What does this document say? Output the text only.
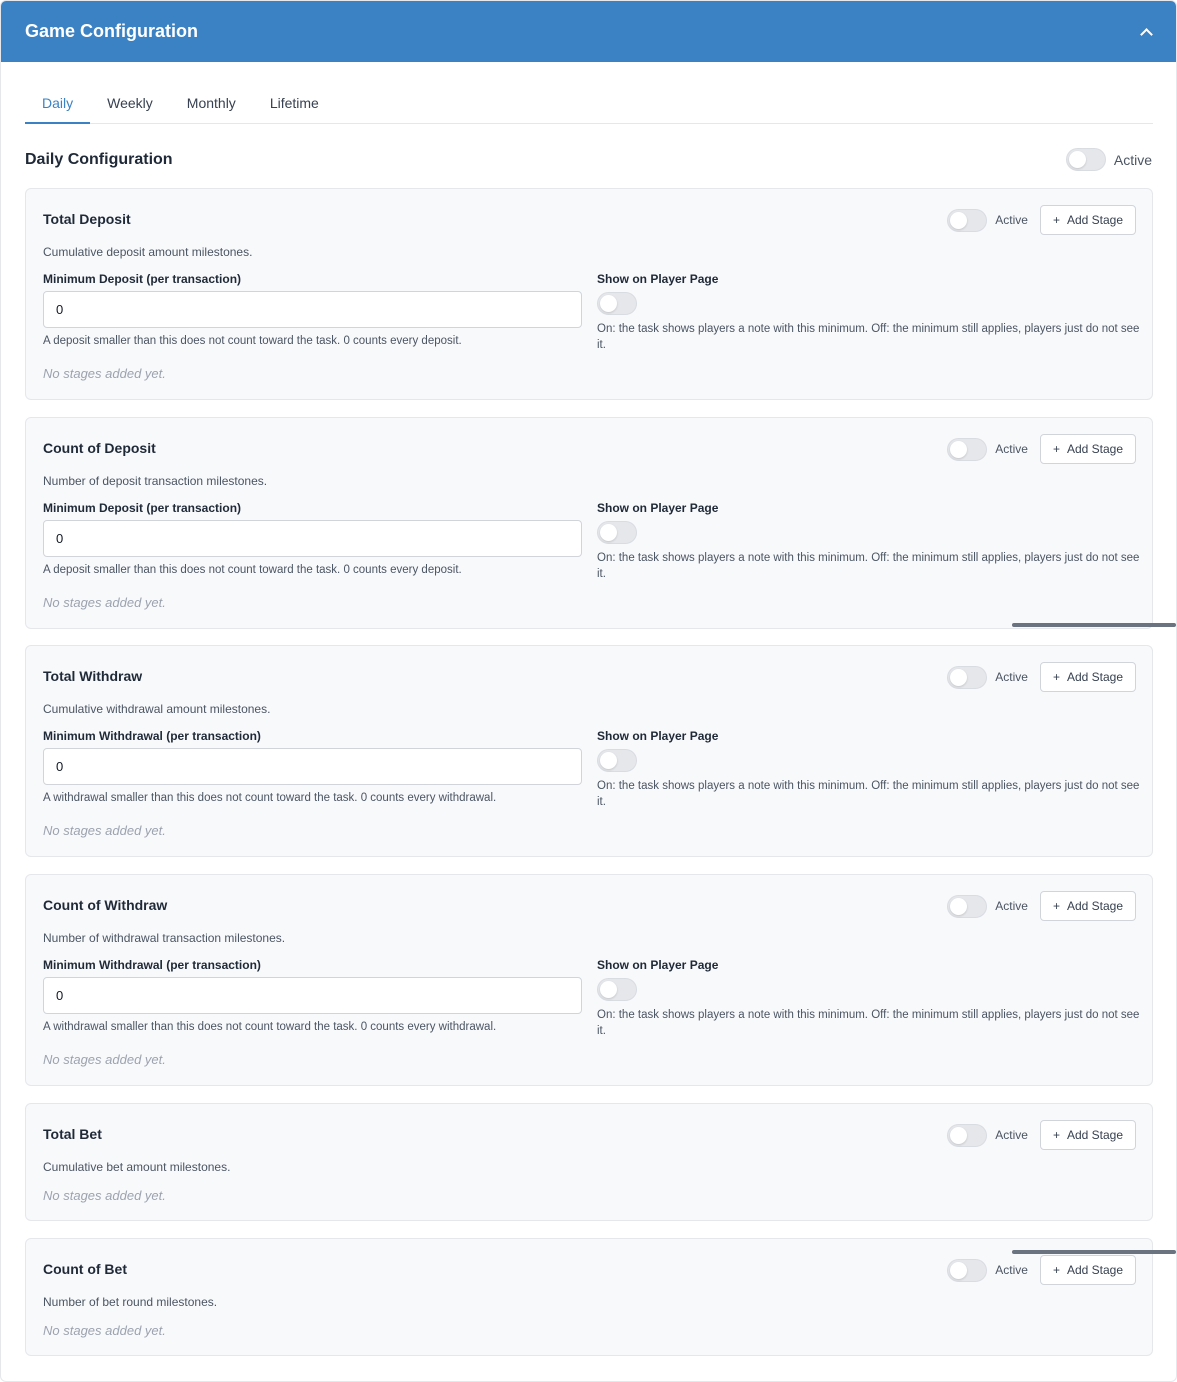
Game Configuration
Daily	Weekly	Monthly	Lifetime
Daily Configuration	Active
Total Deposit	Active + Add Stage
Cumulative deposit amount milestones.
Minimum Deposit (per transaction)
0
A deposit smaller than this does not count toward the task. 0 counts every deposit.
Show on Player Page
On: the task shows players a note with this minimum. Off: the minimum still applies, players just do not see it.
No stages added yet.
Count of Deposit	Active + Add Stage
Number of deposit transaction milestones.
Minimum Deposit (per transaction)
0
A deposit smaller than this does not count toward the task. 0 counts every deposit.
Show on Player Page
On: the task shows players a note with this minimum. Off: the minimum still applies, players just do not see it.
No stages added yet.
Total Withdraw	Active + Add Stage
Cumulative withdrawal amount milestones.
Minimum Withdrawal (per transaction)
0
A withdrawal smaller than this does not count toward the task. 0 counts every withdrawal.
Show on Player Page
On: the task shows players a note with this minimum. Off: the minimum still applies, players just do not see it.
No stages added yet.
Count of Withdraw	Active + Add Stage
Number of withdrawal transaction milestones.
Minimum Withdrawal (per transaction)
0
A withdrawal smaller than this does not count toward the task. 0 counts every withdrawal.
Show on Player Page
On: the task shows players a note with this minimum. Off: the minimum still applies, players just do not see it.
No stages added yet.
Total Bet	Active + Add Stage
Cumulative bet amount milestones.
No stages added yet.
Count of Bet	Active + Add Stage
Number of bet round milestones.
No stages added yet.
